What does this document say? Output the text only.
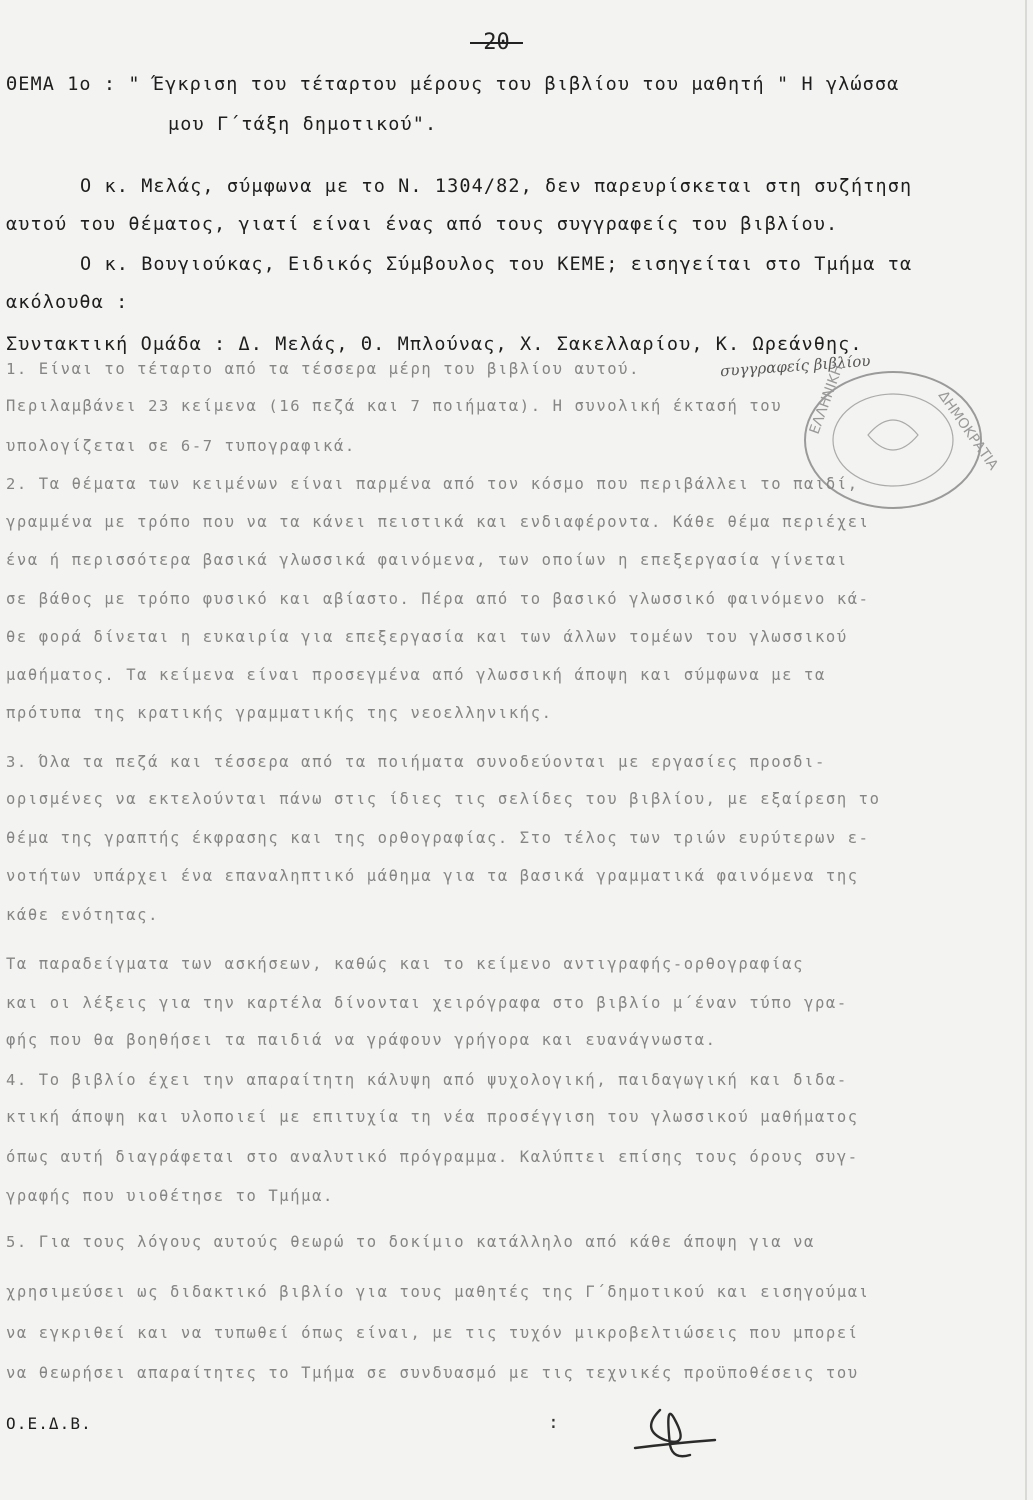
-20-
ΘΕΜΑ 1ο : " Έγκριση του τέταρτου μέρους του βιβλίου του μαθητή " Η γλώσσα
μου Γ΄τάξη δημοτικού".
Ο κ. Μελάς, σύμφωνα με το Ν. 1304/82, δεν παρευρίσκεται στη συζήτηση
αυτού του θέματος, γιατί είναι ένας από τους συγγραφείς του βιβλίου.
Ο κ. Βουγιούκας, Ειδικός Σύμβουλος του ΚΕΜΕ; εισηγείται στο Τμήμα τα
ακόλουθα :
Συντακτική Ομάδα : Δ. Μελάς, Θ. Μπλούνας, Χ. Σακελλαρίου, Κ. Ωρεάνθης.
συγγραφείς βιβλίου
ΕΛΛΗΝΙΚΗ	ΔΗΜΟΚΡΑΤΙΑ
1. Είναι το τέταρτο από τα τέσσερα μέρη του βιβλίου αυτού.
Περιλαμβάνει 23 κείμενα (16 πεζά και 7 ποιήματα). Η συνολική έκτασή του
υπολογίζεται σε 6-7 τυπογραφικά.
2. Τα θέματα των κειμένων είναι παρμένα από τον κόσμο που περιβάλλει το παιδί,
γραμμένα με τρόπο που να τα κάνει πειστικά και ενδιαφέροντα. Κάθε θέμα περιέχει
ένα ή περισσότερα βασικά γλωσσικά φαινόμενα, των οποίων η επεξεργασία γίνεται
σε βάθος με τρόπο φυσικό και αβίαστο. Πέρα από το βασικό γλωσσικό φαινόμενο κά-
θε φορά δίνεται η ευκαιρία για επεξεργασία και των άλλων τομέων του γλωσσικού
μαθήματος. Τα κείμενα είναι προσεγμένα από γλωσσική άποψη και σύμφωνα με τα
πρότυπα της κρατικής γραμματικής της νεοελληνικής.
3. Όλα τα πεζά και τέσσερα από τα ποιήματα συνοδεύονται με εργασίες προσδι-
ορισμένες να εκτελούνται πάνω στις ίδιες τις σελίδες του βιβλίου, με εξαίρεση το
θέμα της γραπτής έκφρασης και της ορθογραφίας. Στο τέλος των τριών ευρύτερων ε-
νοτήτων υπάρχει ένα επαναληπτικό μάθημα για τα βασικά γραμματικά φαινόμενα της
κάθε ενότητας.
Τα παραδείγματα των ασκήσεων, καθώς και το κείμενο αντιγραφής-ορθογραφίας
και οι λέξεις για την καρτέλα δίνονται χειρόγραφα στο βιβλίο μ΄έναν τύπο γρα-
φής που θα βοηθήσει τα παιδιά να γράφουν γρήγορα και ευανάγνωστα.
4. Το βιβλίο έχει την απαραίτητη κάλυψη από ψυχολογική, παιδαγωγική και διδα-
κτική άποψη και υλοποιεί με επιτυχία τη νέα προσέγγιση του γλωσσικού μαθήματος
όπως αυτή διαγράφεται στο αναλυτικό πρόγραμμα. Καλύπτει επίσης τους όρους συγ-
γραφής που υιοθέτησε το Τμήμα.
5. Για τους λόγους αυτούς θεωρώ το δοκίμιο κατάλληλο από κάθε άποψη για να
χρησιμεύσει ως διδακτικό βιβλίο για τους μαθητές της Γ΄δημοτικού και εισηγούμαι
να εγκριθεί και να τυπωθεί όπως είναι, με τις τυχόν μικροβελτιώσεις που μπορεί
να θεωρήσει απαραίτητες το Τμήμα σε συνδυασμό με τις τεχνικές προϋποθέσεις του
Ο.Ε.Δ.Β.	:
